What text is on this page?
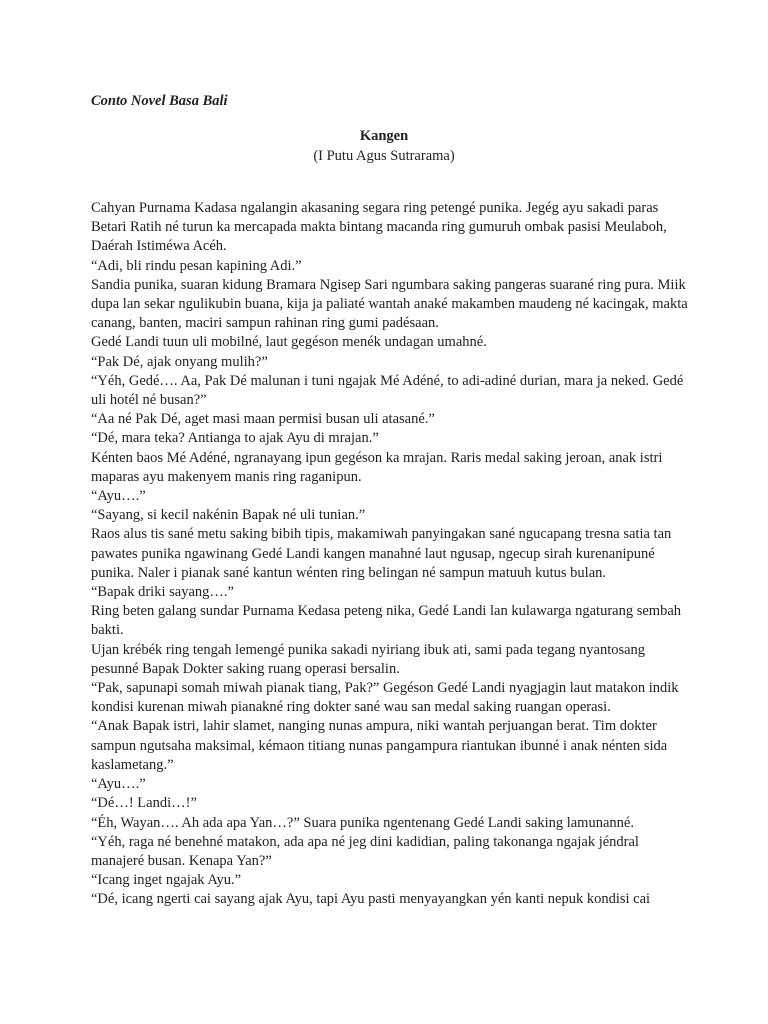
Conto Novel Basa Bali

Kangen

(I Putu Agus Sutrarama)

Cahyan Purnama Kadasa ngalangin akasaning segara ring petengé punika. Jegég ayu sakadi paras Betari Ratih né turun ka mercapada makta bintang macanda ring gumuruh ombak pasisi Meulaboh, Daérah Istiméwa Acéh.

“Adi, bli rindu pesan kapining Adi.”

Sandia punika, suaran kidung Bramara Ngisep Sari ngumbara saking pangeras suarané ring pura. Miik dupa lan sekar ngulikubin buana, kija ja paliaté wantah anaké makamben maudeng né kacingak, makta canang, banten, maciri sampun rahinan ring gumi padésaan.

Gedé Landi tuun uli mobilné, laut gegéson menék undagan umahné.

“Pak Dé, ajak onyang mulih?”

“Yéh, Gedé…. Aa, Pak Dé malunan i tuni ngajak Mé Adéné, to adi-adiné durian, mara ja neked. Gedé uli hotél né busan?”

“Aa né Pak Dé, aget masi maan permisi busan uli atasané.”

“Dé, mara teka? Antianga to ajak Ayu di mrajan.”

Kénten baos Mé Adéné, ngranayang ipun gegéson ka mrajan. Raris medal saking jeroan, anak istri maparas ayu makenyem manis ring raganipun.

“Ayu….”

“Sayang, si kecil nakénin Bapak né uli tunian.”

Raos alus tis sané metu saking bibih tipis, makamiwah panyingakan sané ngucapang tresna satia tan pawates punika ngawinang Gedé Landi kangen manahné laut ngusap, ngecup sirah kurenanipuné punika. Naler i pianak sané kantun wénten ring belingan né sampun matuuh kutus bulan.

“Bapak driki sayang….”

Ring beten galang sundar Purnama Kedasa peteng nika, Gedé Landi lan kulawarga ngaturang sembah bakti.

Ujan krébék ring tengah lemengé punika sakadi nyiriang ibuk ati, sami pada tegang nyantosang pesunné Bapak Dokter saking ruang operasi bersalin.

“Pak, sapunapi somah miwah pianak tiang, Pak?” Gegéson Gedé Landi nyagjagin laut matakon indik kondisi kurenan miwah pianakné ring dokter sané wau san medal saking ruangan operasi.

“Anak Bapak istri, lahir slamet, nanging nunas ampura, niki wantah perjuangan berat. Tim dokter sampun ngutsaha maksimal, kémaon titiang nunas pangampura riantukan ibunné i anak nénten sida kaslametang.”

“Ayu….”

“Dé…! Landi…!”

“Éh, Wayan…. Ah ada apa Yan…?” Suara punika ngentenang Gedé Landi saking lamunanné.

“Yéh, raga né benehné matakon, ada apa né jeg dini kadidian, paling takonanga ngajak jéndral manajeré busan. Kenapa Yan?”

“Icang inget ngajak Ayu.”

“Dé, icang ngerti cai sayang ajak Ayu, tapi Ayu pasti menyayangkan yén kanti nepuk kondisi cai
